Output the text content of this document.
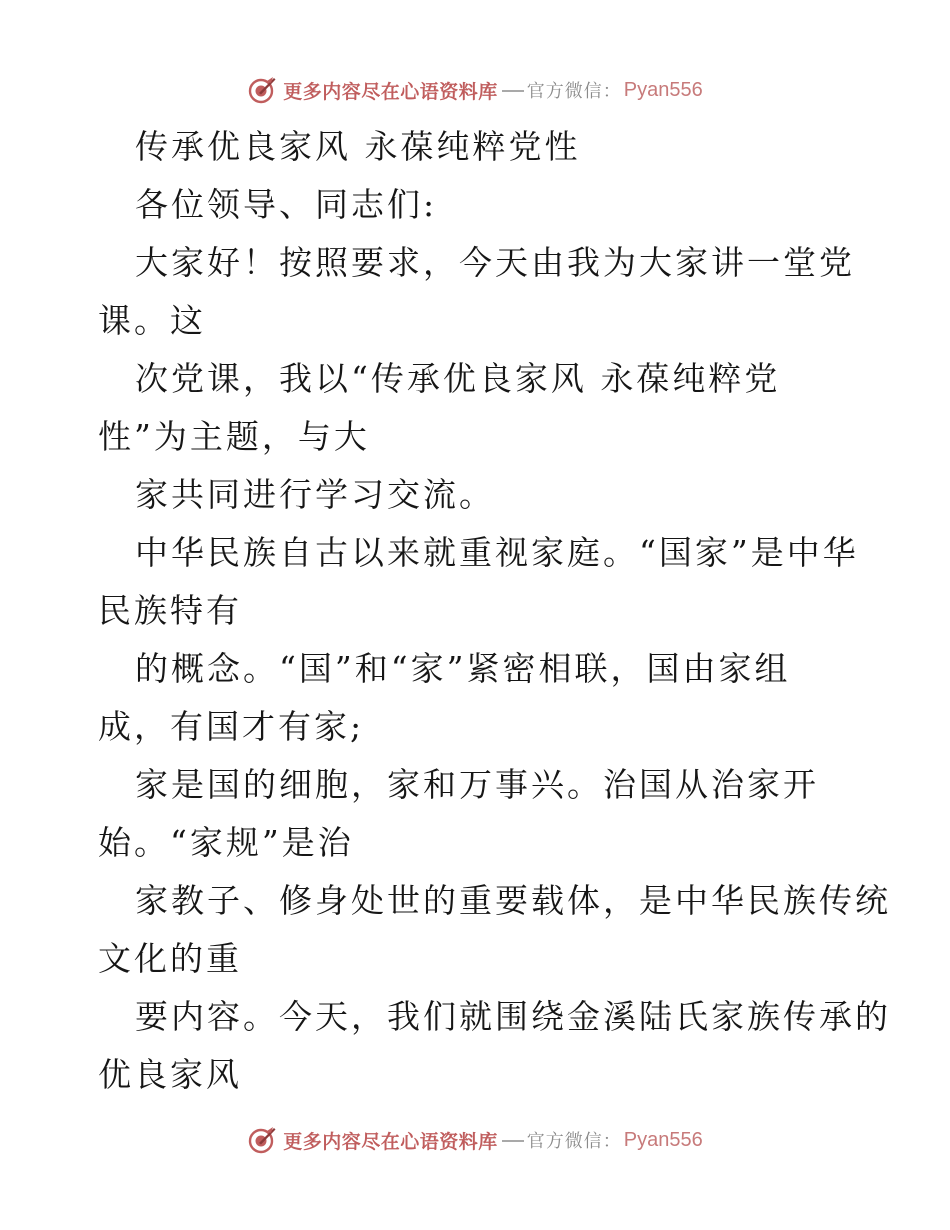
更多内容尽在心语资料库 官方微信： Pyan556
传承优良家风 永葆纯粹党性
各位领导、同志们:
大家好！按照要求，今天由我为大家讲一堂党
课。这
次党课，我以“传承优良家风 永葆纯粹党
性”为主题，与大
家共同进行学习交流。
中华民族自古以来就重视家庭。“国家”是中华
民族特有
的概念。“国”和“家”紧密相联，国由家组
成，有国才有家;
家是国的细胞，家和万事兴。治国从治家开
始。“家规”是治
家教子、修身处世的重要载体，是中华民族传统
文化的重
要内容。今天，我们就围绕金溪陆氏家族传承的
优良家风
更多内容尽在心语资料库 官方微信： Pyan556
